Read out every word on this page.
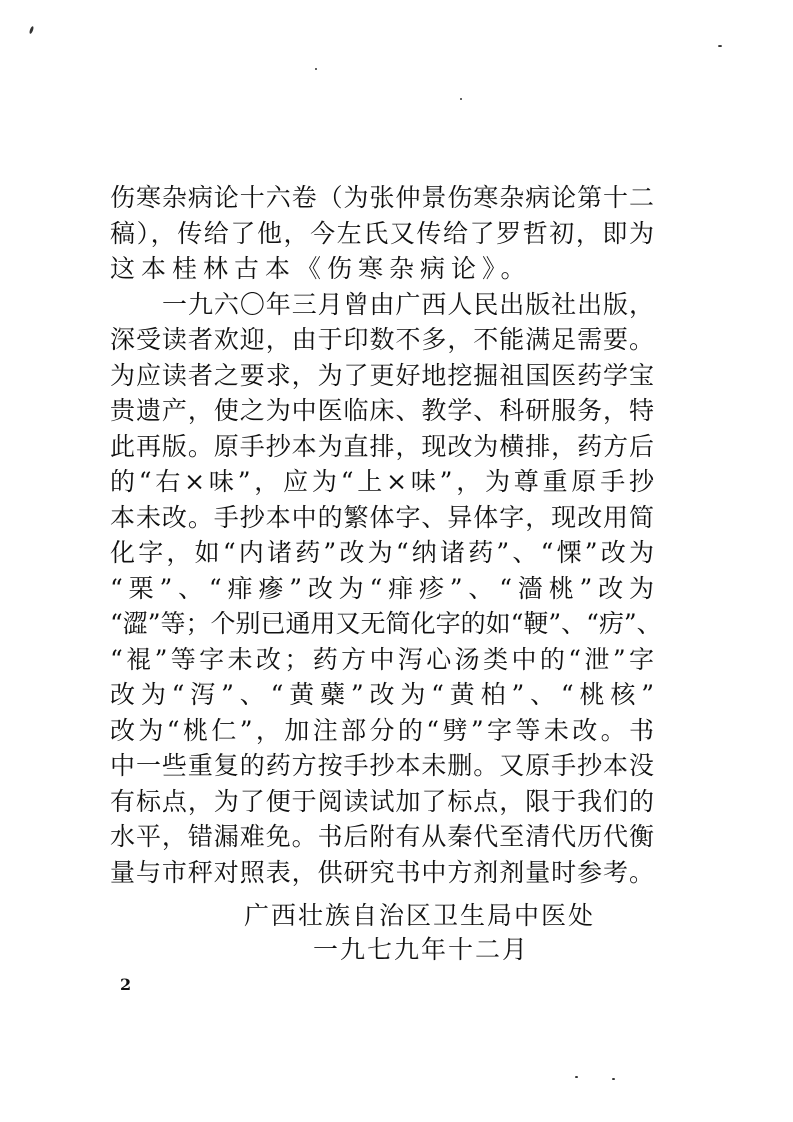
伤寒杂病论十六卷（为张仲景伤寒杂病论第十二
稿），传给了他，今左氏又传给了罗哲初，即为
这本桂林古本《伤寒杂病论》。
一九六〇年三月曾由广西人民出版社出版，
深受读者欢迎，由于印数不多，不能满足需要。
为应读者之要求，为了更好地挖掘祖国医药学宝
贵遗产，使之为中医临床、教学、科研服务，特
此再版。原手抄本为直排，现改为横排，药方后
的“右×味”，应为“上×味”，为尊重原手抄
本未改。手抄本中的繁体字、异体字，现改用简
化字，如“内诸药”改为“纳诸药”、“慄”改为
“栗”、“痱瘮”改为“痱疹”、“濇桃”改为
“澀”等；个别已通用又无简化字的如“鞕”、“疠”、
“裩”等字未改；药方中泻心汤类中的“泄”字
改为“泻”、“黄蘗”改为“黄柏”、“桃核”
改为“桃仁”，加注部分的“劈”字等未改。书
中一些重复的药方按手抄本未删。又原手抄本没
有标点，为了便于阅读试加了标点，限于我们的
水平，错漏难免。书后附有从秦代至清代历代衡
量与市秤对照表，供研究书中方剂剂量时参考。
广西壮族自治区卫生局中医处
一九七九年十二月
2
